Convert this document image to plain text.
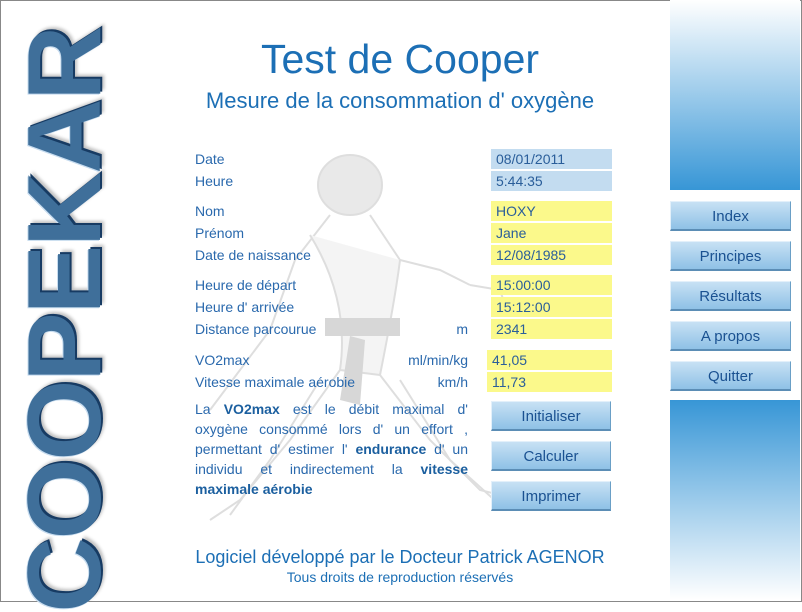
COOPEKAR	Test de Cooper
Mesure de la consommation d' oxygène
Date
Heure
Nom
Prénom
Date de naissance
Heure de départ
Heure d' arrivée
Distance parcourue
VO2max
Vitesse maximale aérobie
m
ml/min/kg
km/h
08/01/2011
5:44:35
HOXY
Jane
12/08/1985
15:00:00
15:12:00
2341
41,05
11,73
La VO2max est le débit maximal d' oxygène consommé lors d' un effort , permettant d' estimer l' endurance d' un individu et indirectement la vitesse maximale aérobie
Initialiser
Calculer
Imprimer
Index
Principes
Résultats
A propos
Quitter
Logiciel développé par le Docteur Patrick AGENOR
Tous droits de reproduction réservés
